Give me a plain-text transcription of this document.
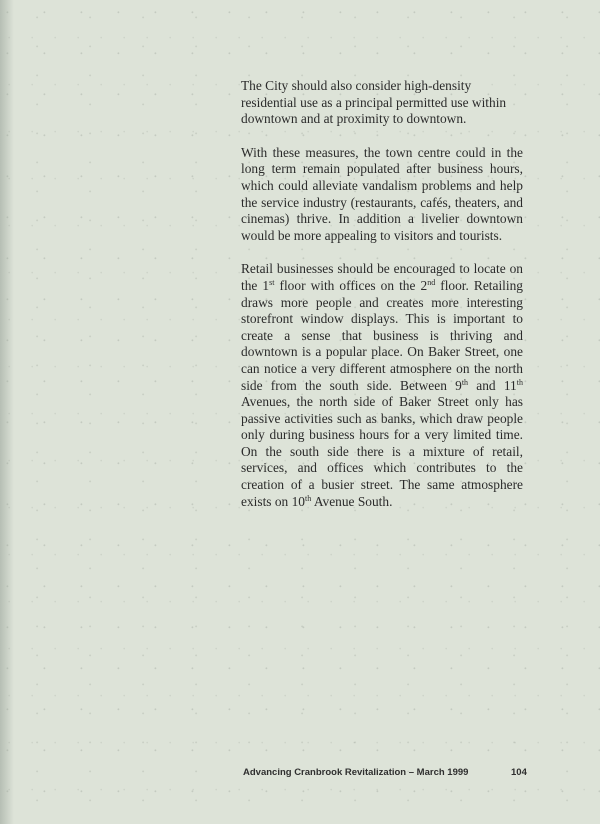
The City should also consider high-density residential use as a principal permitted use within downtown and at proximity to downtown.

With these measures, the town centre could in the long term remain populated after business hours, which could alleviate vandalism problems and help the service industry (restaurants, cafés, theaters, and cinemas) thrive. In addition a livelier downtown would be more appealing to visitors and tourists.

Retail businesses should be encouraged to locate on the 1st floor with offices on the 2nd floor. Retailing draws more people and creates more interesting storefront window displays. This is important to create a sense that business is thriving and downtown is a popular place. On Baker Street, one can notice a very different atmosphere on the north side from the south side. Between 9th and 11th Avenues, the north side of Baker Street only has passive activities such as banks, which draw people only during business hours for a very limited time. On the south side there is a mixture of retail, services, and offices which contributes to the creation of a busier street. The same atmosphere exists on 10th Avenue South.

Advancing Cranbrook Revitalization – March 1999	104
